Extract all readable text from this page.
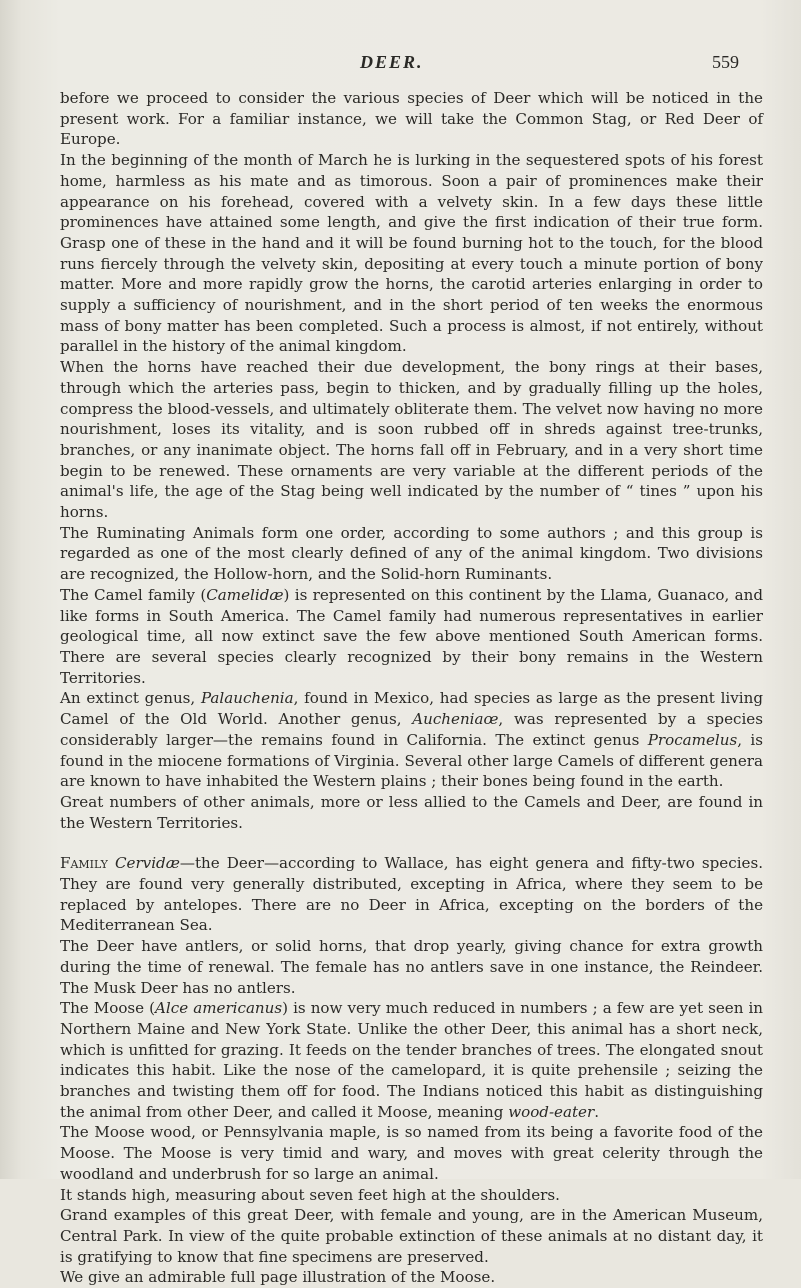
DEER.	559

before we proceed to consider the various species of Deer which will be noticed in the present work. For a familiar instance, we will take the Common Stag, or Red Deer of Europe.

In the beginning of the month of March he is lurking in the sequestered spots of his forest home, harmless as his mate and as timorous. Soon a pair of prominences make their appearance on his forehead, covered with a velvety skin. In a few days these little prominences have attained some length, and give the first indication of their true form. Grasp one of these in the hand and it will be found burning hot to the touch, for the blood runs fiercely through the velvety skin, depositing at every touch a minute portion of bony matter. More and more rapidly grow the horns, the carotid arteries enlarging in order to supply a sufficiency of nourishment, and in the short period of ten weeks the enormous mass of bony matter has been completed. Such a process is almost, if not entirely, without parallel in the history of the animal kingdom.

When the horns have reached their due development, the bony rings at their bases, through which the arteries pass, begin to thicken, and by gradually filling up the holes, compress the blood-vessels, and ultimately obliterate them. The velvet now having no more nourishment, loses its vitality, and is soon rubbed off in shreds against tree-trunks, branches, or any inanimate object. The horns fall off in February, and in a very short time begin to be renewed. These ornaments are very variable at the different periods of the animal's life, the age of the Stag being well indicated by the number of “ tines ” upon his horns.

The Ruminating Animals form one order, according to some authors ; and this group is regarded as one of the most clearly defined of any of the animal kingdom. Two divisions are recognized, the Hollow-horn, and the Solid-horn Ruminants.

The Camel family (Camelidæ) is represented on this continent by the Llama, Guanaco, and like forms in South America. The Camel family had numerous representatives in earlier geological time, all now extinct save the few above mentioned South American forms. There are several species clearly recognized by their bony remains in the Western Territories.

An extinct genus, Palauchenia, found in Mexico, had species as large as the present living Camel of the Old World. Another genus, Aucheniaœ, was represented by a species considerably larger—the remains found in California. The extinct genus Procamelus, is found in the miocene formations of Virginia. Several other large Camels of different genera are known to have inhabited the Western plains ; their bones being found in the earth.

Great numbers of other animals, more or less allied to the Camels and Deer, are found in the Western Territories.

Family Cervidæ—the Deer—according to Wallace, has eight genera and fifty-two species. They are found very generally distributed, excepting in Africa, where they seem to be replaced by antelopes. There are no Deer in Africa, excepting on the borders of the Mediterranean Sea.

The Deer have antlers, or solid horns, that drop yearly, giving chance for extra growth during the time of renewal. The female has no antlers save in one instance, the Reindeer. The Musk Deer has no antlers.

The Moose (Alce americanus) is now very much reduced in numbers ; a few are yet seen in Northern Maine and New York State. Unlike the other Deer, this animal has a short neck, which is unfitted for grazing. It feeds on the tender branches of trees. The elongated snout indicates this habit. Like the nose of the camelopard, it is quite prehensile ; seizing the branches and twisting them off for food. The Indians noticed this habit as distinguishing the animal from other Deer, and called it Moose, meaning wood-eater.

The Moose wood, or Pennsylvania maple, is so named from its being a favorite food of the Moose. The Moose is very timid and wary, and moves with great celerity through the woodland and underbrush for so large an animal.

It stands high, measuring about seven feet high at the shoulders.

Grand examples of this great Deer, with female and young, are in the American Museum, Central Park. In view of the quite probable extinction of these animals at no distant day, it is gratifying to know that fine specimens are preserved.

We give an admirable full page illustration of the Moose.
